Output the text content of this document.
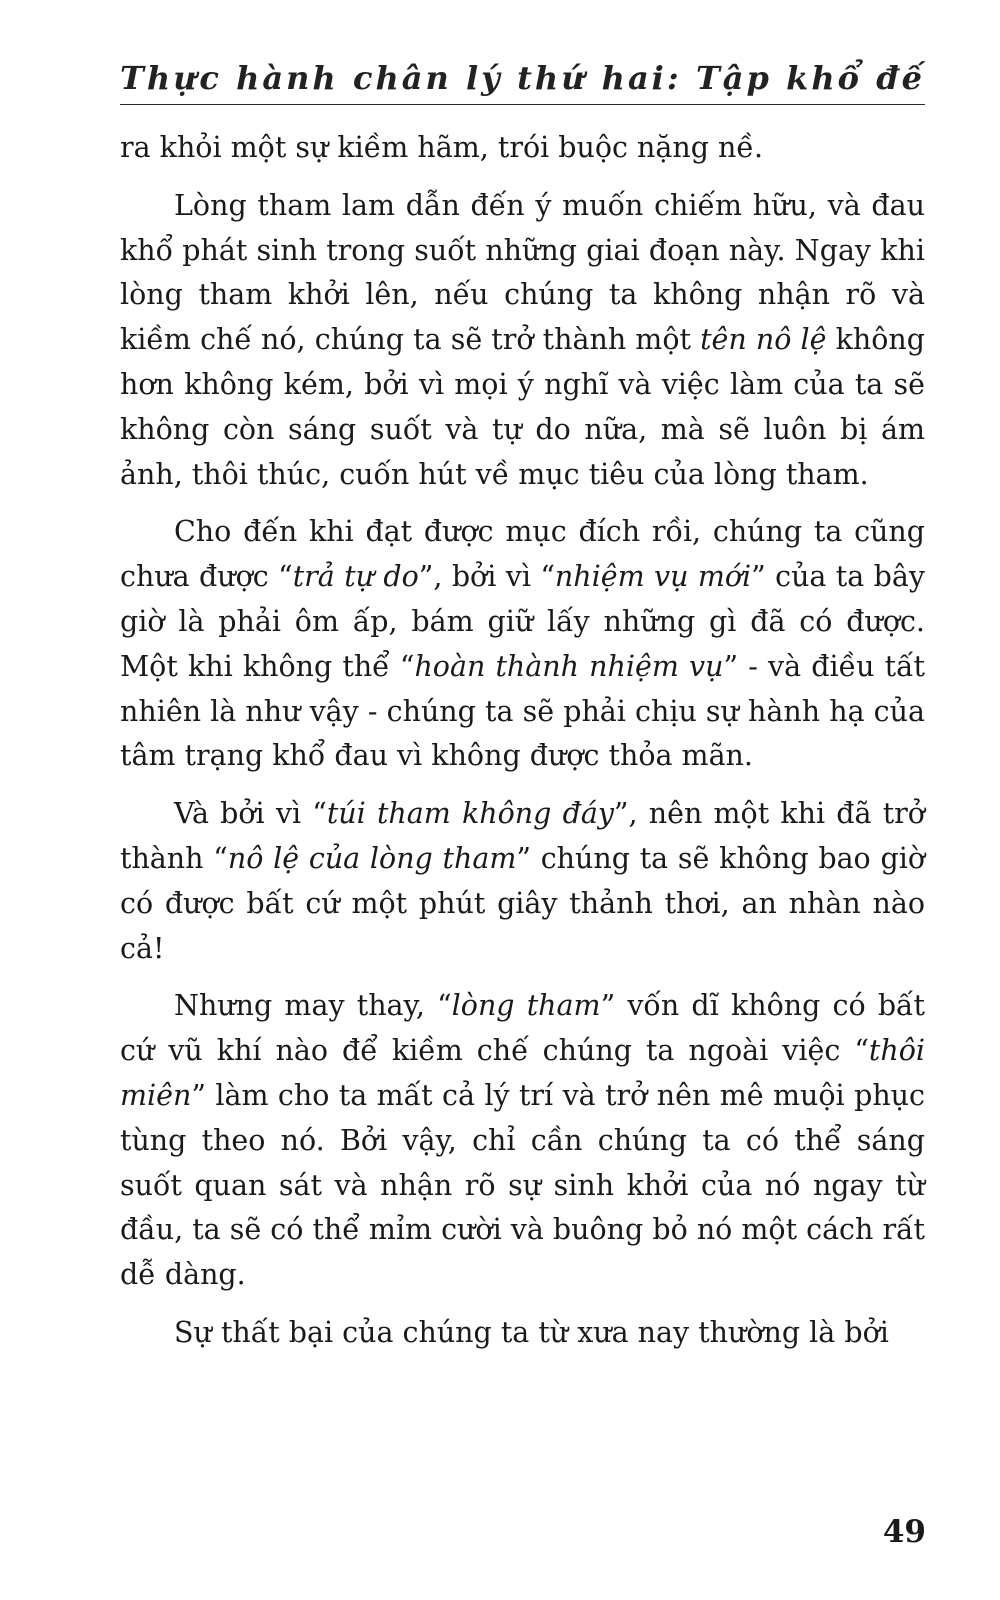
Thực hành chân lý thứ hai: Tập khổ đế

ra khỏi một sự kiềm hãm, trói buộc nặng nề.

Lòng tham lam dẫn đến ý muốn chiếm hữu, và đau khổ phát sinh trong suốt những giai đoạn này. Ngay khi lòng tham khởi lên, nếu chúng ta không nhận rõ và kiềm chế nó, chúng ta sẽ trở thành một tên nô lệ không hơn không kém, bởi vì mọi ý nghĩ và việc làm của ta sẽ không còn sáng suốt và tự do nữa, mà sẽ luôn bị ám ảnh, thôi thúc, cuốn hút về mục tiêu của lòng tham.

Cho đến khi đạt được mục đích rồi, chúng ta cũng chưa được “trả tự do”, bởi vì “nhiệm vụ mới” của ta bây giờ là phải ôm ấp, bám giữ lấy những gì đã có được. Một khi không thể “hoàn thành nhiệm vụ” - và điều tất nhiên là như vậy - chúng ta sẽ phải chịu sự hành hạ của tâm trạng khổ đau vì không được thỏa mãn.

Và bởi vì “túi tham không đáy”, nên một khi đã trở thành “nô lệ của lòng tham” chúng ta sẽ không bao giờ có được bất cứ một phút giây thảnh thơi, an nhàn nào cả!

Nhưng may thay, “lòng tham” vốn dĩ không có bất cứ vũ khí nào để kiềm chế chúng ta ngoài việc “thôi miên” làm cho ta mất cả lý trí và trở nên mê muội phục tùng theo nó. Bởi vậy, chỉ cần chúng ta có thể sáng suốt quan sát và nhận rõ sự sinh khởi của nó ngay từ đầu, ta sẽ có thể mỉm cười và buông bỏ nó một cách rất dễ dàng.

Sự thất bại của chúng ta từ xưa nay thường là bởi

49
